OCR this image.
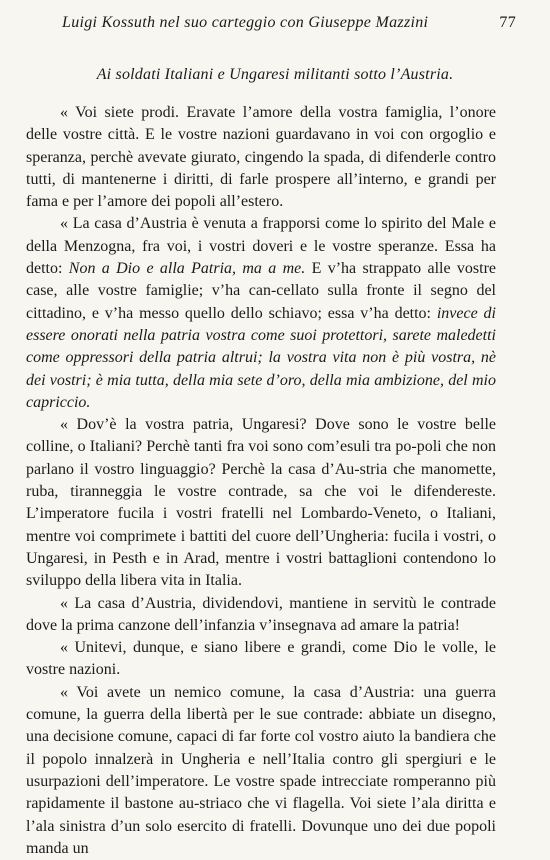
Luigi Kossuth nel suo carteggio con Giuseppe Mazzini	77
Ai soldati Italiani e Ungaresi militanti sotto l’Austria.

« Voi siete prodi. Eravate l’amore della vostra famiglia, l’onore delle vostre città. E le vostre nazioni guardavano in voi con orgoglio e speranza, perchè avevate giurato, cingendo la spada, di difenderle contro tutti, di mantenerne i diritti, di farle prospere all’interno, e grandi per fama e per l’amore dei popoli all’estero.

« La casa d’Austria è venuta a frapporsi come lo spirito del Male e della Menzogna, fra voi, i vostri doveri e le vostre speranze. Essa ha detto: Non a Dio e alla Patria, ma a me. E v’ha strappato alle vostre case, alle vostre famiglie; v’ha can-cellato sulla fronte il segno del cittadino, e v’ha messo quello dello schiavo; essa v’ha detto: invece di essere onorati nella patria vostra come suoi protettori, sarete maledetti come oppressori della patria altrui; la vostra vita non è più vostra, nè dei vostri; è mia tutta, della mia sete d’oro, della mia ambizione, del mio capriccio.

« Dov’è la vostra patria, Ungaresi? Dove sono le vostre belle colline, o Italiani? Perchè tanti fra voi sono com’esuli tra po-poli che non parlano il vostro linguaggio? Perchè la casa d’Au-stria che manomette, ruba, tiranneggia le vostre contrade, sa che voi le difendereste. L’imperatore fucila i vostri fratelli nel Lombardo-Veneto, o Italiani, mentre voi comprimete i battiti del cuore dell’Ungheria: fucila i vostri, o Ungaresi, in Pesth e in Arad, mentre i vostri battaglioni contendono lo sviluppo della libera vita in Italia.

« La casa d’Austria, dividendovi, mantiene in servitù le contrade dove la prima canzone dell’infanzia v’insegnava ad amare la patria!

« Unitevi, dunque, e siano libere e grandi, come Dio le volle, le vostre nazioni.

« Voi avete un nemico comune, la casa d’Austria: una guerra comune, la guerra della libertà per le sue contrade: abbiate un disegno, una decisione comune, capaci di far forte col vostro aiuto la bandiera che il popolo innalzerà in Ungheria e nell’Italia contro gli spergiuri e le usurpazioni dell’imperatore. Le vostre spade intrecciate romperanno più rapidamente il bastone au-striaco che vi flagella. Voi siete l’ala diritta e l’ala sinistra d’un solo esercito di fratelli. Dovunque uno dei due popoli manda un
